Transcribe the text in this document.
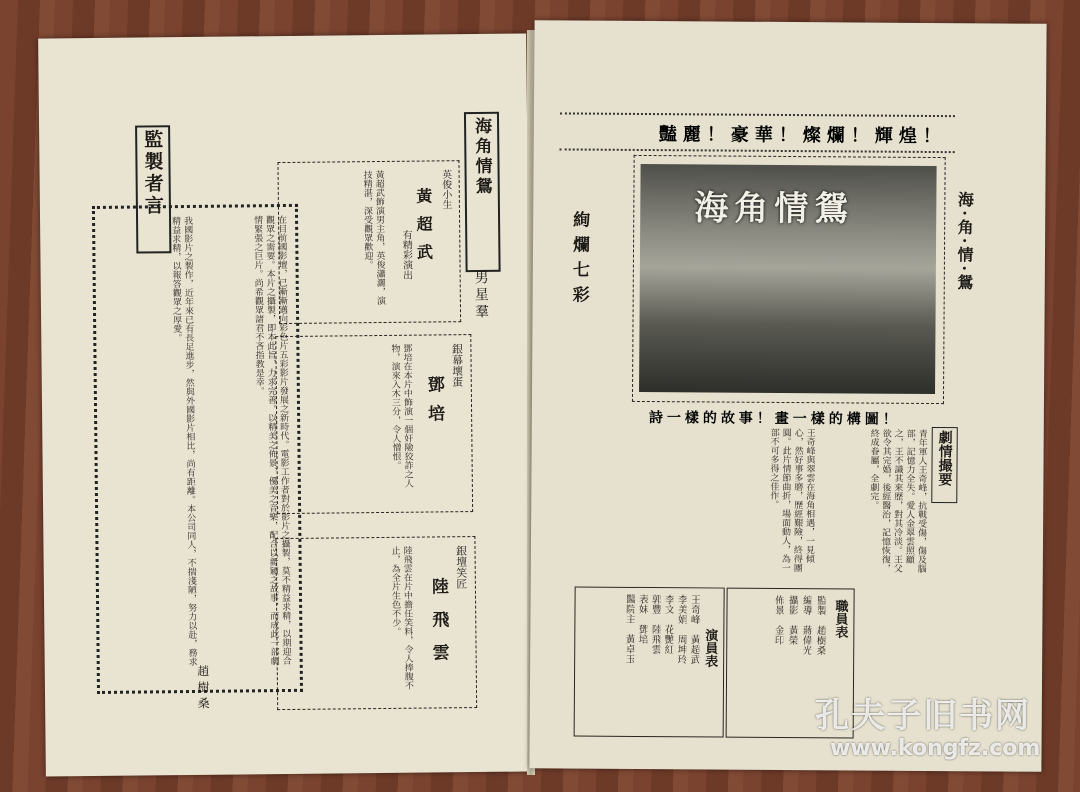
監製者言
在目前國影壇，已漸漸邁向彩色片五彩影片發展之新時代。電影工作者對於影片之攝製，莫不精益求精，以期迎合觀眾之需要。本片之攝製，即本此旨，力求完善。以精美之佈景，優美之音樂，配合以新穎之故事，而成此一部劇情緊張之巨片。尚希觀眾諸君不吝指教是幸。
我國影片之製作，近年來已有長足進步，然與外國影片相比，尚有距離。本公司同人，不揣淺陋，努力以赴，務求精益求精，以報答觀眾之厚愛。
趙樹桑
海角情鴛
男星羣
英俊小生
黃超武
有精彩演出
黃超武飾演男主角，英俊瀟灑，演技精湛，深受觀眾歡迎。
銀幕壞蛋
鄧培
鄧培在本片中飾演一個奸險狡詐之人物，演來入木三分，令人憎恨。
銀壇笑匠
陸飛雲
陸飛雲在片中擔任笑料，令人捧腹不止，為全片生色不少。
豔麗！豪華！燦爛！輝煌！
海角情鴛
絢爛七彩	海·角·情·鴛
詩一樣的故事！畫一樣的構圖！
劇情撮要
青年軍人王奇峰，抗戰受傷，傷及腦部，記憶力全失。愛人金翠雲照顧之，王不識其來歷，對其冷淡。王父欲令其完婚，後經醫治，記憶恢復，終成眷屬，全劇完。
王奇峰與翠雲在海角相遇，一見傾心，然好事多磨，歷經艱險，終得團圓。此片情節曲折，場面動人，為一部不可多得之佳作。
職員表
監製　趙樹桑
編導　蔣偉光
攝影　黃榮
佈景　金印
演員表
王奇峰　黃超武
李美娟　周坤玲
李文　花艷紅
郭豐　陸飛雲
表妹　鄧培
醫院主　黃卓玉
孔夫子旧书网
www.kongfz.com
